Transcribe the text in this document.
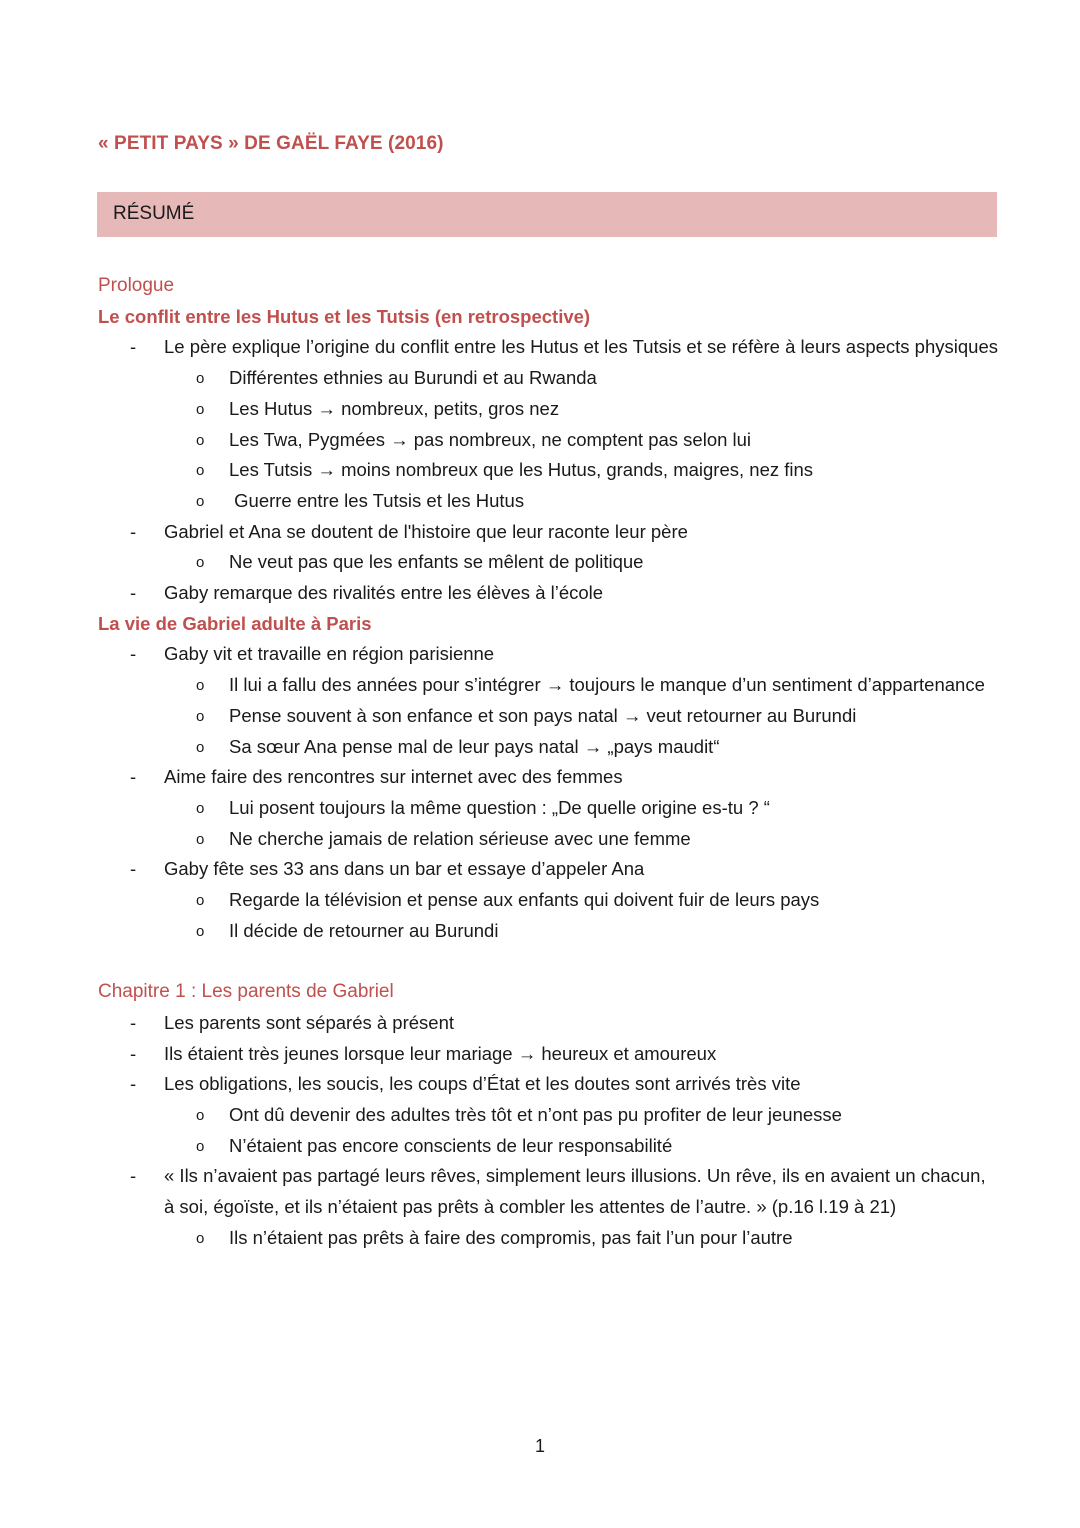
« PETIT PAYS » DE GAËL FAYE (2016)
RÉSUMÉ
Prologue
Le conflit entre les Hutus et les Tutsis (en retrospective)
- Le père explique l’origine du conflit entre les Hutus et les Tutsis et se réfère à leurs aspects physiques
o Différentes ethnies au Burundi et au Rwanda
o Les Hutus → nombreux, petits, gros nez
o Les Twa, Pygmées → pas nombreux, ne comptent pas selon lui
o Les Tutsis → moins nombreux que les Hutus, grands, maigres, nez fins
o Guerre entre les Tutsis et les Hutus
- Gabriel et Ana se doutent de l'histoire que leur raconte leur père
o Ne veut pas que les enfants se mêlent de politique
- Gaby remarque des rivalités entre les élèves à l’école
La vie de Gabriel adulte à Paris
- Gaby vit et travaille en région parisienne
o Il lui a fallu des années pour s’intégrer → toujours le manque d’un sentiment d’appartenance
o Pense souvent à son enfance et son pays natal → veut retourner au Burundi
o Sa sœur Ana pense mal de leur pays natal → „pays maudit“
- Aime faire des rencontres sur internet avec des femmes
o Lui posent toujours la même question : „De quelle origine es-tu ? “
o Ne cherche jamais de relation sérieuse avec une femme
- Gaby fête ses 33 ans dans un bar et essaye d’appeler Ana
o Regarde la télévision et pense aux enfants qui doivent fuir de leurs pays
o Il décide de retourner au Burundi
Chapitre 1 : Les parents de Gabriel
- Les parents sont séparés à présent
- Ils étaient très jeunes lorsque leur mariage → heureux et amoureux
- Les obligations, les soucis, les coups d’État et les doutes sont arrivés très vite
o Ont dû devenir des adultes très tôt et n’ont pas pu profiter de leur jeunesse
o N’étaient pas encore conscients de leur responsabilité
- « Ils n’avaient pas partagé leurs rêves, simplement leurs illusions. Un rêve, ils en avaient un chacun, à soi, égoïste, et ils n’étaient pas prêts à combler les attentes de l’autre. » (p.16 l.19 à 21)
o Ils n’étaient pas prêts à faire des compromis, pas fait l’un pour l’autre
1
